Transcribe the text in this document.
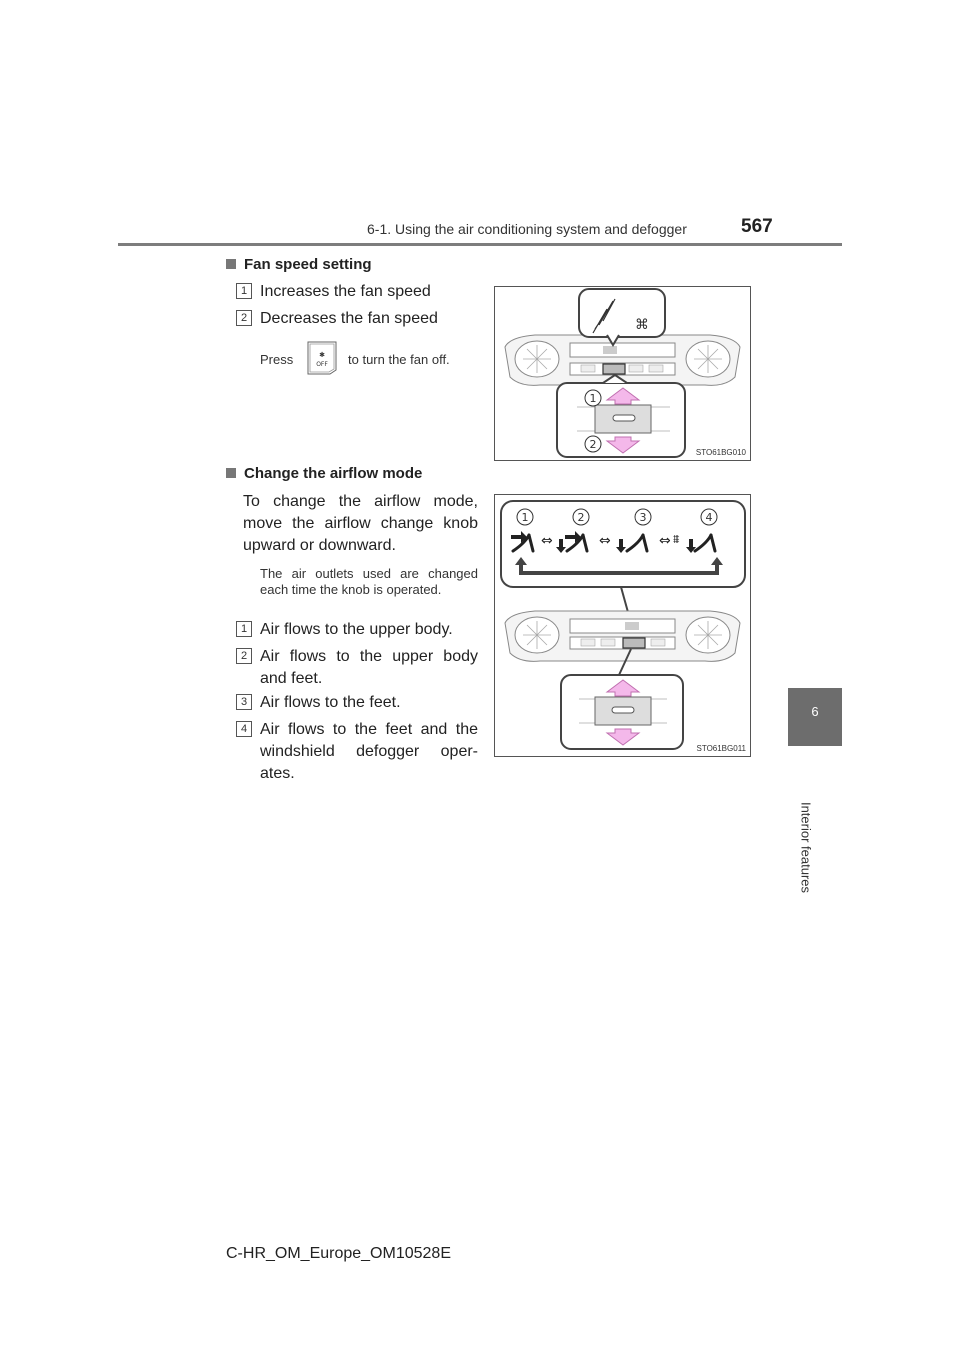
6-1. Using the air conditioning system and defogger	567
6
Interior features
Fan speed setting
1 Increases the fan speed
2 Decreases the fan speed
Press	✱
OFF to turn the fan off.
⌘
1
2
STO61BG010
Change the airflow mode
To change the airflow mode, move the airflow change knob upward or downward.
The air outlets used are changed each time the knob is operated.
1 Air flows to the upper body.
2 Air flows to the upper body and feet.
3 Air flows to the feet.
4 Air flows to the feet and the windshield defogger oper-ates.
1	2	3	4
⩩
⇔	⇔	⇔
STO61BG011
C-HR_OM_Europe_OM10528E
